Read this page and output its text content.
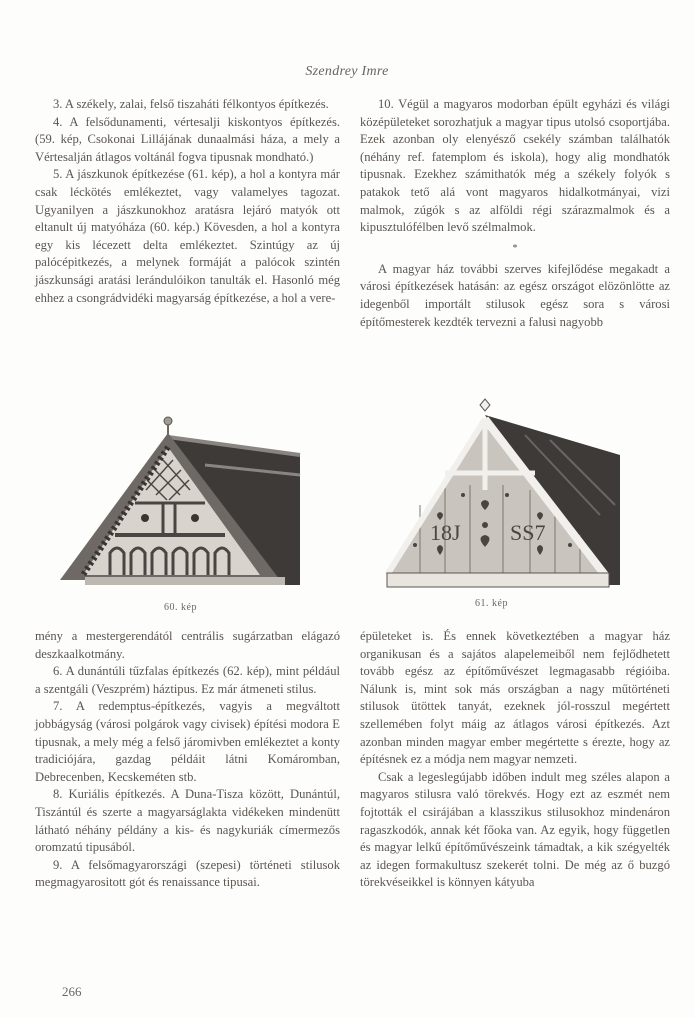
Szendrey Imre

3. A székely, zalai, felső tiszaháti félkontyos építkezés.

4. A felsődunamenti, vértesalji kiskontyos építkezés. (59. kép, Csokonai Lillájának dunaalmási háza, a mely a Vértesalján átlagos voltánál fogva tipusnak mondható.)

5. A jászkunok építkezése (61. kép), a hol a kontyra már csak léckötés emlékeztet, vagy valamelyes tagozat. Ugyanilyen a jászkunokhoz aratásra lejáró matyók ott eltanult új matyóháza (60. kép.) Kövesden, a hol a kontyra egy kis lécezett delta emlékeztet. Szintúgy az új palócépitkezés, a melynek formáját a palócok szintén jászkunsági aratási lerándulóikon tanulták el. Hasonló még ehhez a csongrádvidéki magyarság építkezése, a hol a vere-

10. Végül a magyaros modorban épült egyházi és világi középületeket sorozhatjuk a magyar tipus utolsó csoportjába. Ezek azonban oly elenyésző csekély számban találhatók (néhány ref. fatemplom és iskola), hogy alig mondhatók tipusnak. Ezekhez számithatók még a székely folyók s patakok tető alá vont magyaros hidalkotmányai, vizi malmok, zúgók s az alföldi régi szárazmalmok és a kipusztulófélben levő szélmalmok.

*

A magyar ház további szerves kifejlődése megakadt a városi építkezések hatásán: az egész országot elözönlötte az idegenből importált stilusok egész sora s városi építőmesterek kezdték tervezni a falusi nagyobb

60. kép
18J SS7
61. kép

mény a mestergerendától centrális sugárzatban elágazó deszkaalkotmány.

6. A dunántúli tűzfalas építkezés (62. kép), mint például a szentgáli (Veszprém) háztipus. Ez már átmeneti stilus.

7. A redemptus-építkezés, vagyis a megváltott jobbágyság (városi polgárok vagy civisek) építési modora E tipusnak, a mely még a felső járomivben emlékeztet a konty tradiciójára, gazdag példáit látni Komáromban, Debrecenben, Kecskeméten stb.

8. Kuriális építkezés. A Duna-Tisza között, Dunántúl, Tiszántúl és szerte a magyarságlakta vidékeken mindenütt látható néhány példány a kis- és nagykuriák címermezős oromzatú tipusából.

9. A felsőmagyarországi (szepesi) történeti stilusok megmagyarositott gót és renaissance tipusai.

épületeket is. És ennek következtében a magyar ház organikusan és a sajátos alapelemeiből nem fejlődhetett tovább egész az építőművészet legmagasabb régióiba. Nálunk is, mint sok más országban a nagy műtörténeti stilusok ütöttek tanyát, ezeknek jól-rosszul megértett szellemében folyt máig az átlagos városi építkezés. Azt azonban minden magyar ember megértette s érezte, hogy az építésnek ez a módja nem magyar nemzeti.

Csak a legeslegújabb időben indult meg széles alapon a magyaros stilusra való törekvés. Hogy ezt az eszmét nem fojtották el csirájában a klasszikus stilusokhoz mindenáron ragaszkodók, annak két főoka van. Az egyik, hogy független és magyar lelkű építőművészeink támadtak, a kik szégyelték az idegen formakultusz szekerét tolni. De még az ő buzgó törekvéseikkel is könnyen kátyuba

266
